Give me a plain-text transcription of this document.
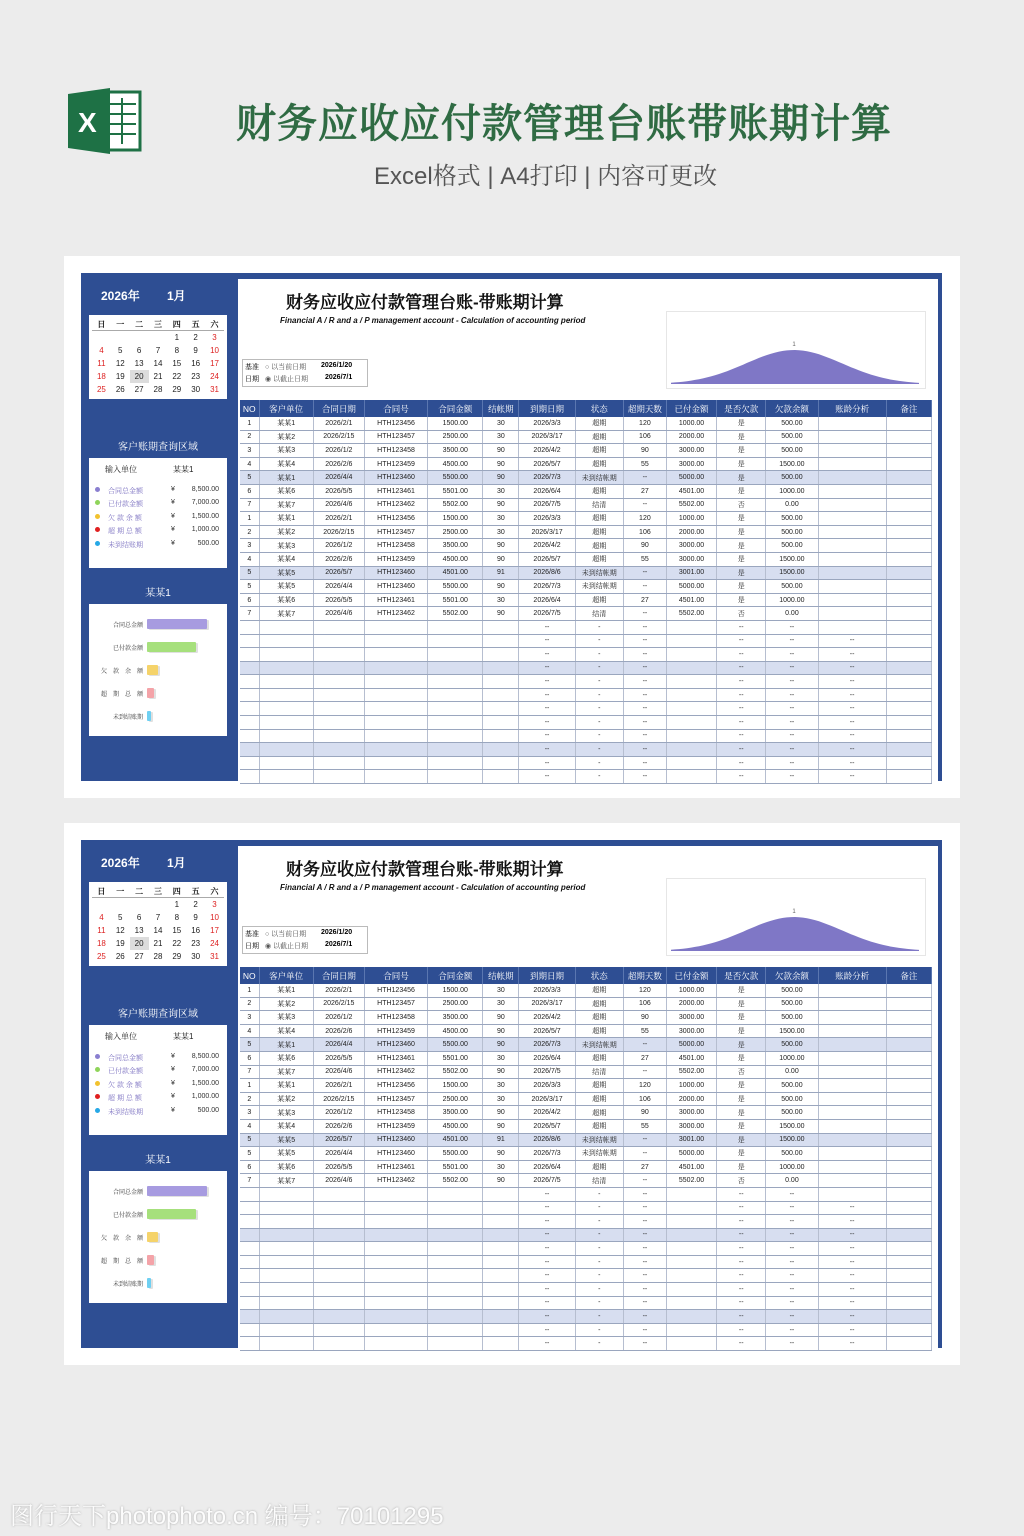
X	财务应收应付款管理台账带账期计算
Excel格式 | A4打印 | 内容可更改
2026年 1月
日	一	二	三	四	五	六
				1	2	3
4	5	6	7	8	9	10
11	12	13	14	15	16	17
18	19	20	21	22	23	24
25	26	27	28	29	30	31
客户账期查询区域
输入单位	某某1
合同总金额	¥ 8,500.00
已付款金额	¥ 7,000.00
欠 款 余 额	¥ 1,500.00
超 期 总 额	¥ 1,000.00
未到结账期	¥	500.00
某某1
合同总金额
已付款金额
欠　款　余　额
超　期　总　额
未到结账期
财务应收应付款管理台账-带账期计算
Financial A / R and a / P management account - Calculation of accounting period
基准
日期
○ 以当前日期
◉ 以截止日期
2026/1/20
2026/7/1
1
NO	客户单位	合同日期	合同号	合同金额	结帐期	到期日期	状态	超期天数	已付金额	是否欠款	欠款余额	账龄分析	备注
1	某某1	2026/2/1	HTH123456	1500.00	30	2026/3/3	超期	120	1000.00	是	500.00		
2	某某2	2026/2/15	HTH123457	2500.00	30	2026/3/17	超期	106	2000.00	是	500.00		
3	某某3	2026/1/2	HTH123458	3500.00	90	2026/4/2	超期	90	3000.00	是	500.00		
4	某某4	2026/2/6	HTH123459	4500.00	90	2026/5/7	超期	55	3000.00	是	1500.00		
5	某某1	2026/4/4	HTH123460	5500.00	90	2026/7/3	未到结帐期	--	5000.00	是	500.00		
6	某某6	2026/5/5	HTH123461	5501.00	30	2026/6/4	超期	27	4501.00	是	1000.00		
7	某某7	2026/4/6	HTH123462	5502.00	90	2026/7/5	结清	--	5502.00	否	0.00		
1	某某1	2026/2/1	HTH123456	1500.00	30	2026/3/3	超期	120	1000.00	是	500.00		
2	某某2	2026/2/15	HTH123457	2500.00	30	2026/3/17	超期	106	2000.00	是	500.00		
3	某某3	2026/1/2	HTH123458	3500.00	90	2026/4/2	超期	90	3000.00	是	500.00		
4	某某4	2026/2/6	HTH123459	4500.00	90	2026/5/7	超期	55	3000.00	是	1500.00		
5	某某5	2026/5/7	HTH123460	4501.00	91	2026/8/6	未到结帐期	--	3001.00	是	1500.00		
5	某某5	2026/4/4	HTH123460	5500.00	90	2026/7/3	未到结帐期	--	5000.00	是	500.00		
6	某某6	2026/5/5	HTH123461	5501.00	30	2026/6/4	超期	27	4501.00	是	1000.00		
7	某某7	2026/4/6	HTH123462	5502.00	90	2026/7/5	结清	--	5502.00	否	0.00		
						--	-	--		--	--		
						--	-	--		--	--	--	
						--	-	--		--	--	--	
						--	-	--		--	--	--	
						--	-	--		--	--	--	
						--	-	--		--	--	--	
						--	-	--		--	--	--	
						--	-	--		--	--	--	
						--	-	--		--	--	--	
						--	-	--		--	--	--	
						--	-	--		--	--	--	
						--	-	--		--	--	--	
2026年 1月
日	一	二	三	四	五	六
				1	2	3
4	5	6	7	8	9	10
11	12	13	14	15	16	17
18	19	20	21	22	23	24
25	26	27	28	29	30	31
客户账期查询区域
输入单位	某某1
合同总金额	¥ 8,500.00
已付款金额	¥ 7,000.00
欠 款 余 额	¥ 1,500.00
超 期 总 额	¥ 1,000.00
未到结账期	¥	500.00
某某1
合同总金额
已付款金额
欠　款　余　额
超　期　总　额
未到结账期
财务应收应付款管理台账-带账期计算
Financial A / R and a / P management account - Calculation of accounting period
基准
日期
○ 以当前日期
◉ 以截止日期
2026/1/20
2026/7/1
1
NO	客户单位	合同日期	合同号	合同金额	结帐期	到期日期	状态	超期天数	已付金额	是否欠款	欠款余额	账龄分析	备注
1	某某1	2026/2/1	HTH123456	1500.00	30	2026/3/3	超期	120	1000.00	是	500.00		
2	某某2	2026/2/15	HTH123457	2500.00	30	2026/3/17	超期	106	2000.00	是	500.00		
3	某某3	2026/1/2	HTH123458	3500.00	90	2026/4/2	超期	90	3000.00	是	500.00		
4	某某4	2026/2/6	HTH123459	4500.00	90	2026/5/7	超期	55	3000.00	是	1500.00		
5	某某1	2026/4/4	HTH123460	5500.00	90	2026/7/3	未到结帐期	--	5000.00	是	500.00		
6	某某6	2026/5/5	HTH123461	5501.00	30	2026/6/4	超期	27	4501.00	是	1000.00		
7	某某7	2026/4/6	HTH123462	5502.00	90	2026/7/5	结清	--	5502.00	否	0.00		
1	某某1	2026/2/1	HTH123456	1500.00	30	2026/3/3	超期	120	1000.00	是	500.00		
2	某某2	2026/2/15	HTH123457	2500.00	30	2026/3/17	超期	106	2000.00	是	500.00		
3	某某3	2026/1/2	HTH123458	3500.00	90	2026/4/2	超期	90	3000.00	是	500.00		
4	某某4	2026/2/6	HTH123459	4500.00	90	2026/5/7	超期	55	3000.00	是	1500.00		
5	某某5	2026/5/7	HTH123460	4501.00	91	2026/8/6	未到结帐期	--	3001.00	是	1500.00		
5	某某5	2026/4/4	HTH123460	5500.00	90	2026/7/3	未到结帐期	--	5000.00	是	500.00		
6	某某6	2026/5/5	HTH123461	5501.00	30	2026/6/4	超期	27	4501.00	是	1000.00		
7	某某7	2026/4/6	HTH123462	5502.00	90	2026/7/5	结清	--	5502.00	否	0.00		
						--	-	--		--	--		
						--	-	--		--	--	--	
						--	-	--		--	--	--	
						--	-	--		--	--	--	
						--	-	--		--	--	--	
						--	-	--		--	--	--	
						--	-	--		--	--	--	
						--	-	--		--	--	--	
						--	-	--		--	--	--	
						--	-	--		--	--	--	
						--	-	--		--	--	--	
						--	-	--		--	--	--	
图行天下photophoto.cn 编号：70101295
